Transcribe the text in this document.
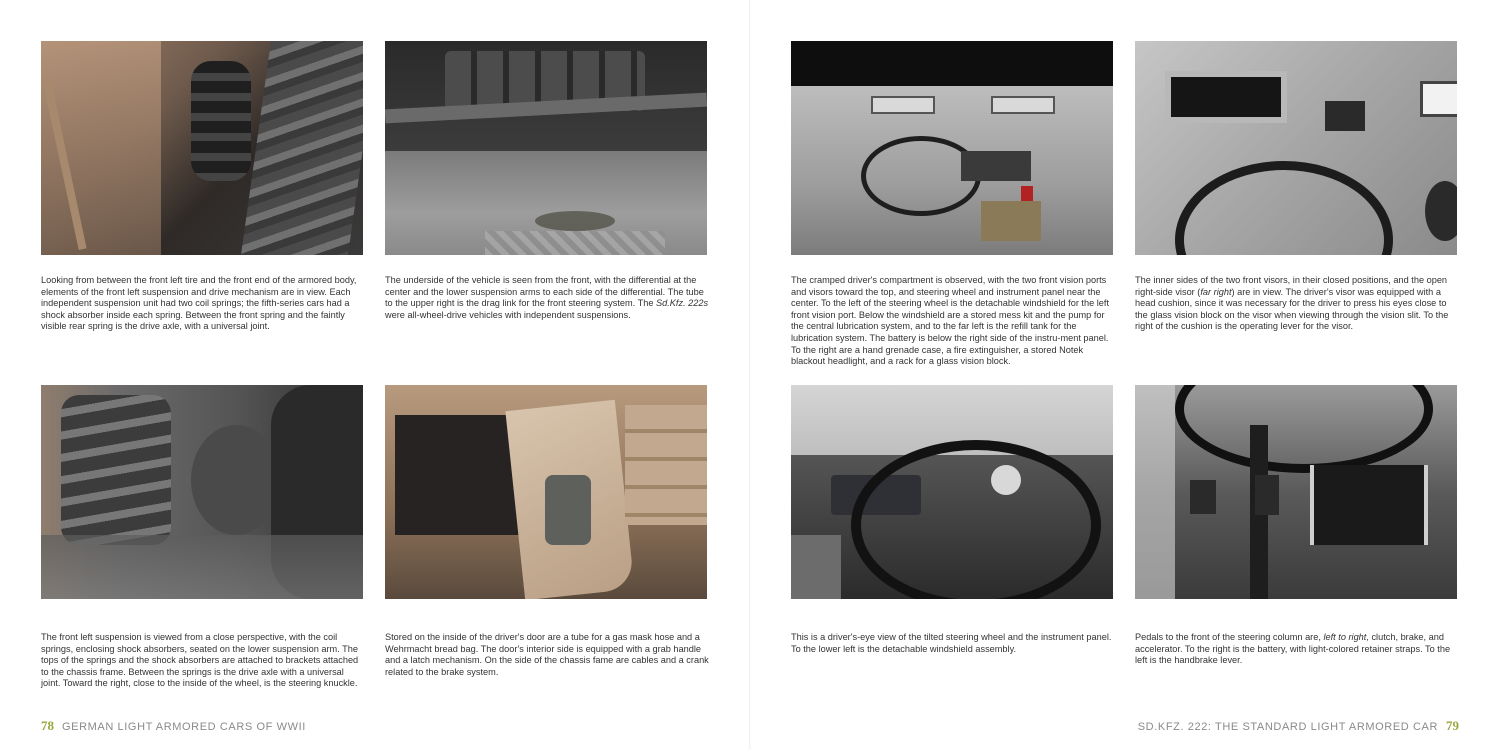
Looking from between the front left tire and the front end of the armored body, elements of the front left suspension and drive mechanism are in view. Each independent suspension unit had two coil springs; the fifth-series cars had a shock absorber inside each spring. Between the front spring and the faintly visible rear spring is the drive axle, with a universal joint.

The underside of the vehicle is seen from the front, with the differential at the center and the lower suspension arms to each side of the differential. The tube to the upper right is the drag link for the front steering system. The Sd.Kfz. 222s were all-wheel-drive vehicles with independent suspensions.

The front left suspension is viewed from a close perspective, with the coil springs, enclosing shock absorbers, seated on the lower suspension arm. The tops of the springs and the shock absorbers are attached to brackets attached to the chassis frame. Between the springs is the drive axle with a universal joint. Toward the right, close to the inside of the wheel, is the steering knuckle.

Stored on the inside of the driver's door are a tube for a gas mask hose and a Wehrmacht bread bag. The door's interior side is equipped with a grab handle and a latch mechanism. On the side of the chassis fame are cables and a crank related to the brake system.

78 GERMAN LIGHT ARMORED CARS OF WWII

The cramped driver's compartment is observed, with the two front vision ports and visors toward the top, and steering wheel and instrument panel near the center. To the left of the steering wheel is the detachable windshield for the left front vision port. Below the windshield are a stored mess kit and the pump for the central lubrication system, and to the far left is the refill tank for the lubrication system. The battery is below the right side of the instru-ment panel. To the right are a hand grenade case, a fire extinguisher, a stored Notek blackout headlight, and a rack for a glass vision block.

The inner sides of the two front visors, in their closed positions, and the open right-side visor (far right) are in view. The driver's visor was equipped with a head cushion, since it was necessary for the driver to press his eyes close to the glass vision block on the visor when viewing through the vision slit. To the right of the cushion is the operating lever for the visor.

This is a driver's-eye view of the tilted steering wheel and the instrument panel. To the lower left is the detachable windshield assembly.

Pedals to the front of the steering column are, left to right, clutch, brake, and accelerator. To the right is the battery, with light-colored retainer straps. To the left is the handbrake lever.

SD.KFZ. 222: THE STANDARD LIGHT ARMORED CAR 79
